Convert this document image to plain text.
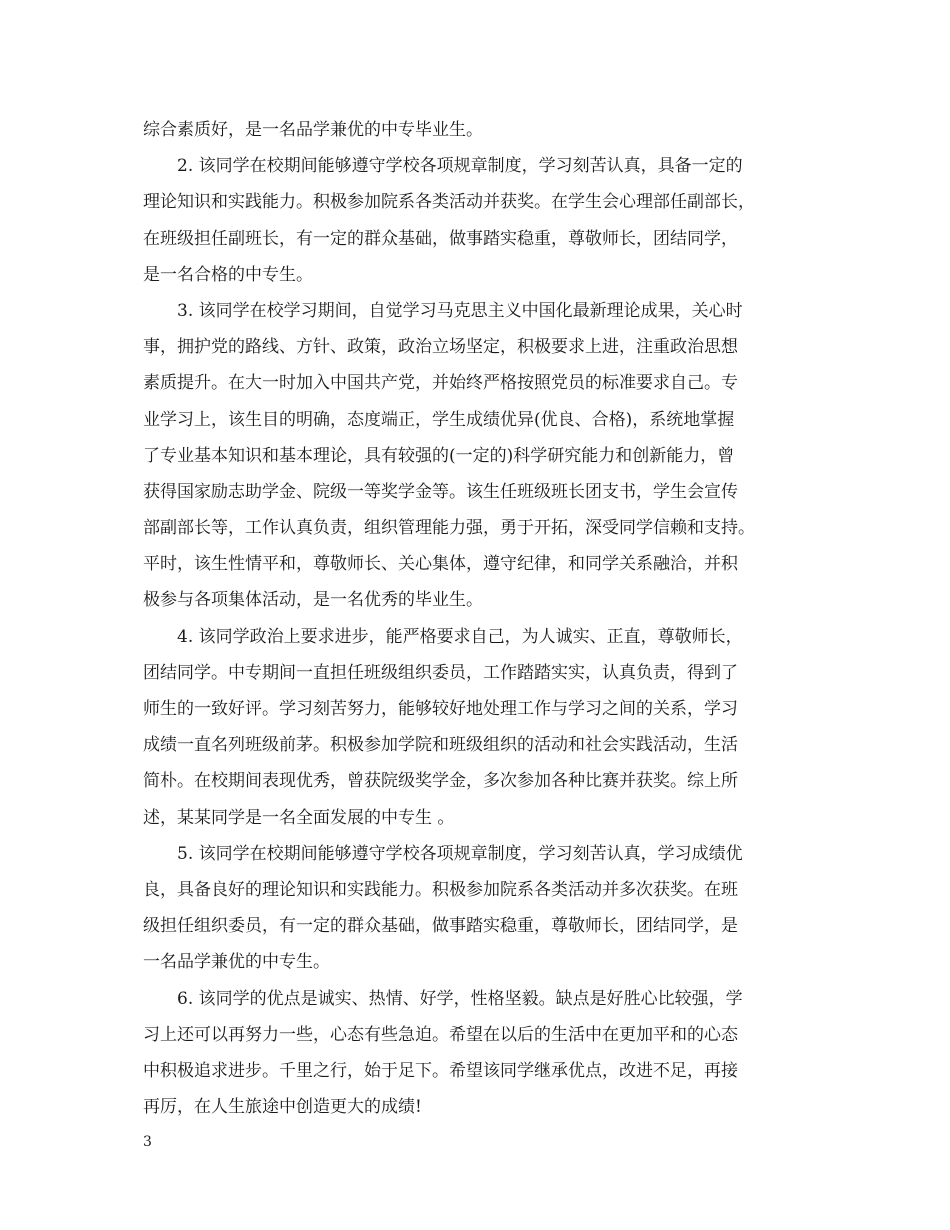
综合素质好，是一名品学兼优的中专毕业生。
2. 该同学在校期间能够遵守学校各项规章制度，学习刻苦认真，具备一定的
理论知识和实践能力。积极参加院系各类活动并获奖。在学生会心理部任副部长，
在班级担任副班长，有一定的群众基础，做事踏实稳重，尊敬师长，团结同学，
是一名合格的中专生。
3. 该同学在校学习期间，自觉学习马克思主义中国化最新理论成果，关心时
事，拥护党的路线、方针、政策，政治立场坚定，积极要求上进，注重政治思想
素质提升。在大一时加入中国共产党，并始终严格按照党员的标准要求自己。专
业学习上，该生目的明确，态度端正，学生成绩优异(优良、合格)，系统地掌握
了专业基本知识和基本理论，具有较强的(一定的)科学研究能力和创新能力，曾
获得国家励志助学金、院级一等奖学金等。该生任班级班长团支书，学生会宣传
部副部长等，工作认真负责，组织管理能力强，勇于开拓，深受同学信赖和支持。
平时，该生性情平和，尊敬师长、关心集体，遵守纪律，和同学关系融洽，并积
极参与各项集体活动，是一名优秀的毕业生。
4. 该同学政治上要求进步，能严格要求自己，为人诚实、正直，尊敬师长，
团结同学。中专期间一直担任班级组织委员，工作踏踏实实，认真负责，得到了
师生的一致好评。学习刻苦努力，能够较好地处理工作与学习之间的关系，学习
成绩一直名列班级前茅。积极参加学院和班级组织的活动和社会实践活动，生活
简朴。在校期间表现优秀，曾获院级奖学金，多次参加各种比赛并获奖。综上所
述，某某同学是一名全面发展的中专生 。
5. 该同学在校期间能够遵守学校各项规章制度，学习刻苦认真，学习成绩优
良，具备良好的理论知识和实践能力。积极参加院系各类活动并多次获奖。在班
级担任组织委员，有一定的群众基础，做事踏实稳重，尊敬师长，团结同学，是
一名品学兼优的中专生。
6. 该同学的优点是诚实、热情、好学，性格坚毅。缺点是好胜心比较强，学
习上还可以再努力一些，心态有些急迫。希望在以后的生活中在更加平和的心态
中积极追求进步。千里之行，始于足下。希望该同学继承优点，改进不足，再接
再厉，在人生旅途中创造更大的成绩!
3
